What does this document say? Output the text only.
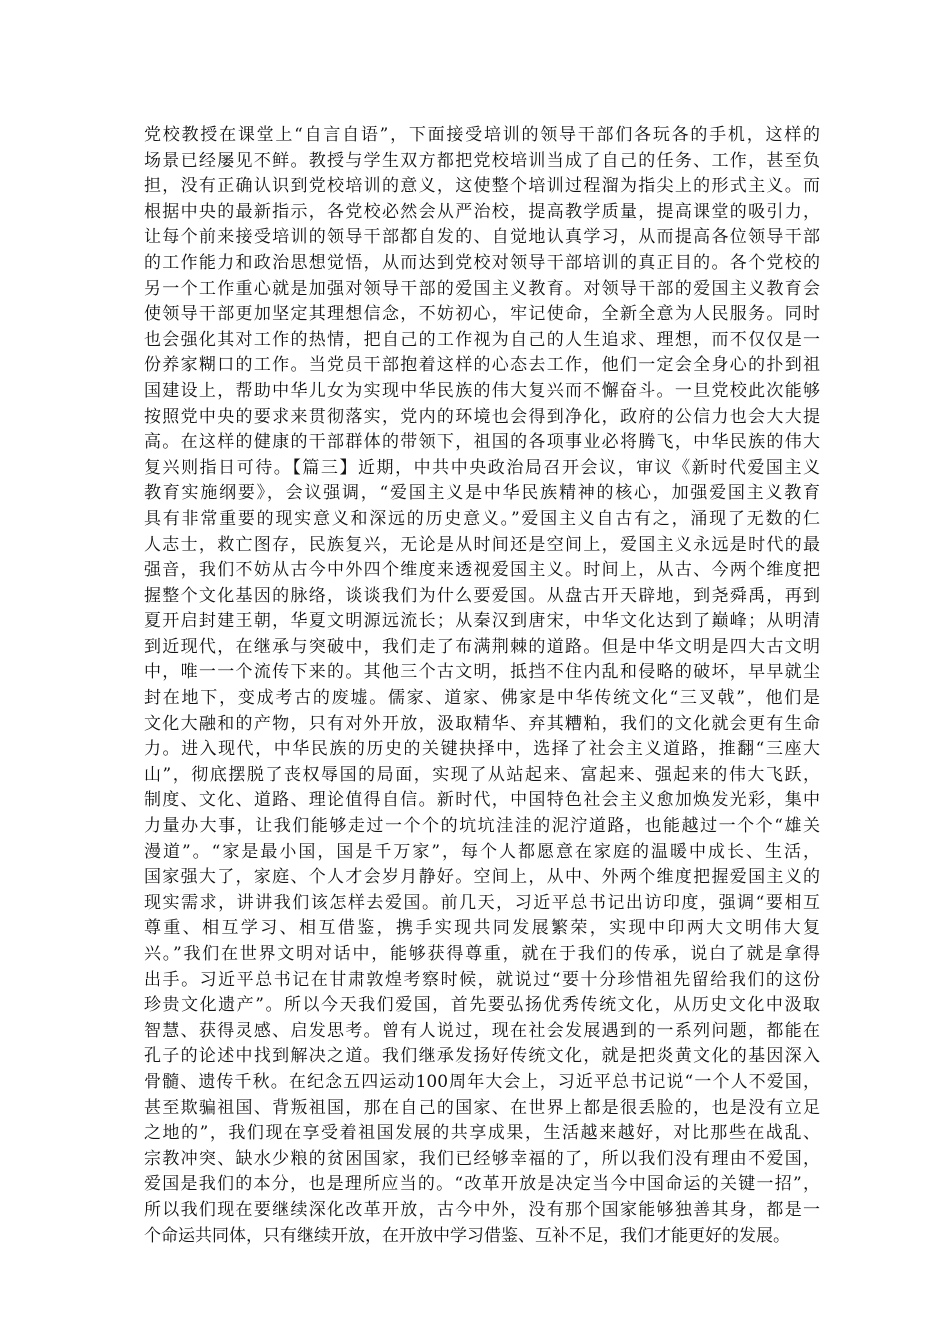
党校教授在课堂上“自言自语”，下面接受培训的领导干部们各玩各的手机，这样的
场景已经屡见不鲜。教授与学生双方都把党校培训当成了自己的任务、工作，甚至负
担，没有正确认识到党校培训的意义，这使整个培训过程溜为指尖上的形式主义。而
根据中央的最新指示，各党校必然会从严治校，提高教学质量，提高课堂的吸引力，
让每个前来接受培训的领导干部都自发的、自觉地认真学习，从而提高各位领导干部
的工作能力和政治思想觉悟，从而达到党校对领导干部培训的真正目的。各个党校的
另一个工作重心就是加强对领导干部的爱国主义教育。对领导干部的爱国主义教育会
使领导干部更加坚定其理想信念，不妨初心，牢记使命，全新全意为人民服务。同时
也会强化其对工作的热情，把自己的工作视为自己的人生追求、理想，而不仅仅是一
份养家糊口的工作。当党员干部抱着这样的心态去工作，他们一定会全身心的扑到祖
国建设上，帮助中华儿女为实现中华民族的伟大复兴而不懈奋斗。一旦党校此次能够
按照党中央的要求来贯彻落实，党内的环境也会得到净化，政府的公信力也会大大提
高。在这样的健康的干部群体的带领下，祖国的各项事业必将腾飞，中华民族的伟大
复兴则指日可待。【篇三】近期，中共中央政治局召开会议，审议《新时代爱国主义
教育实施纲要》，会议强调，“爱国主义是中华民族精神的核心，加强爱国主义教育
具有非常重要的现实意义和深远的历史意义。”爱国主义自古有之，涌现了无数的仁
人志士，救亡图存，民族复兴，无论是从时间还是空间上，爱国主义永远是时代的最
强音，我们不妨从古今中外四个维度来透视爱国主义。时间上，从古、今两个维度把
握整个文化基因的脉络，谈谈我们为什么要爱国。从盘古开天辟地，到尧舜禹，再到
夏开启封建王朝，华夏文明源远流长；从秦汉到唐宋，中华文化达到了巅峰；从明清
到近现代，在继承与突破中，我们走了布满荆棘的道路。但是中华文明是四大古文明
中，唯一一个流传下来的。其他三个古文明，抵挡不住内乱和侵略的破坏，早早就尘
封在地下，变成考古的废墟。儒家、道家、佛家是中华传统文化“三叉戟”，他们是
文化大融和的产物，只有对外开放，汲取精华、弃其糟粕，我们的文化就会更有生命
力。进入现代，中华民族的历史的关键抉择中，选择了社会主义道路，推翻“三座大
山”，彻底摆脱了丧权辱国的局面，实现了从站起来、富起来、强起来的伟大飞跃，
制度、文化、道路、理论值得自信。新时代，中国特色社会主义愈加焕发光彩，集中
力量办大事，让我们能够走过一个个的坑坑洼洼的泥泞道路，也能越过一个个“雄关
漫道”。“家是最小国，国是千万家”，每个人都愿意在家庭的温暖中成长、生活，
国家强大了，家庭、个人才会岁月静好。空间上，从中、外两个维度把握爱国主义的
现实需求，讲讲我们该怎样去爱国。前几天，习近平总书记出访印度，强调“要相互
尊重、相互学习、相互借鉴，携手实现共同发展繁荣，实现中印两大文明伟大复
兴。”我们在世界文明对话中，能够获得尊重，就在于我们的传承，说白了就是拿得
出手。习近平总书记在甘肃敦煌考察时候，就说过“要十分珍惜祖先留给我们的这份
珍贵文化遗产”。所以今天我们爱国，首先要弘扬优秀传统文化，从历史文化中汲取
智慧、获得灵感、启发思考。曾有人说过，现在社会发展遇到的一系列问题，都能在
孔子的论述中找到解决之道。我们继承发扬好传统文化，就是把炎黄文化的基因深入
骨髓、遗传千秋。在纪念五四运动100周年大会上，习近平总书记说“一个人不爱国，
甚至欺骗祖国、背叛祖国，那在自己的国家、在世界上都是很丢脸的，也是没有立足
之地的”，我们现在享受着祖国发展的共享成果，生活越来越好，对比那些在战乱、
宗教冲突、缺水少粮的贫困国家，我们已经够幸福的了，所以我们没有理由不爱国，
爱国是我们的本分，也是理所应当的。“改革开放是决定当今中国命运的关键一招”，
所以我们现在要继续深化改革开放，古今中外，没有那个国家能够独善其身，都是一
个命运共同体，只有继续开放，在开放中学习借鉴、互补不足，我们才能更好的发展。
